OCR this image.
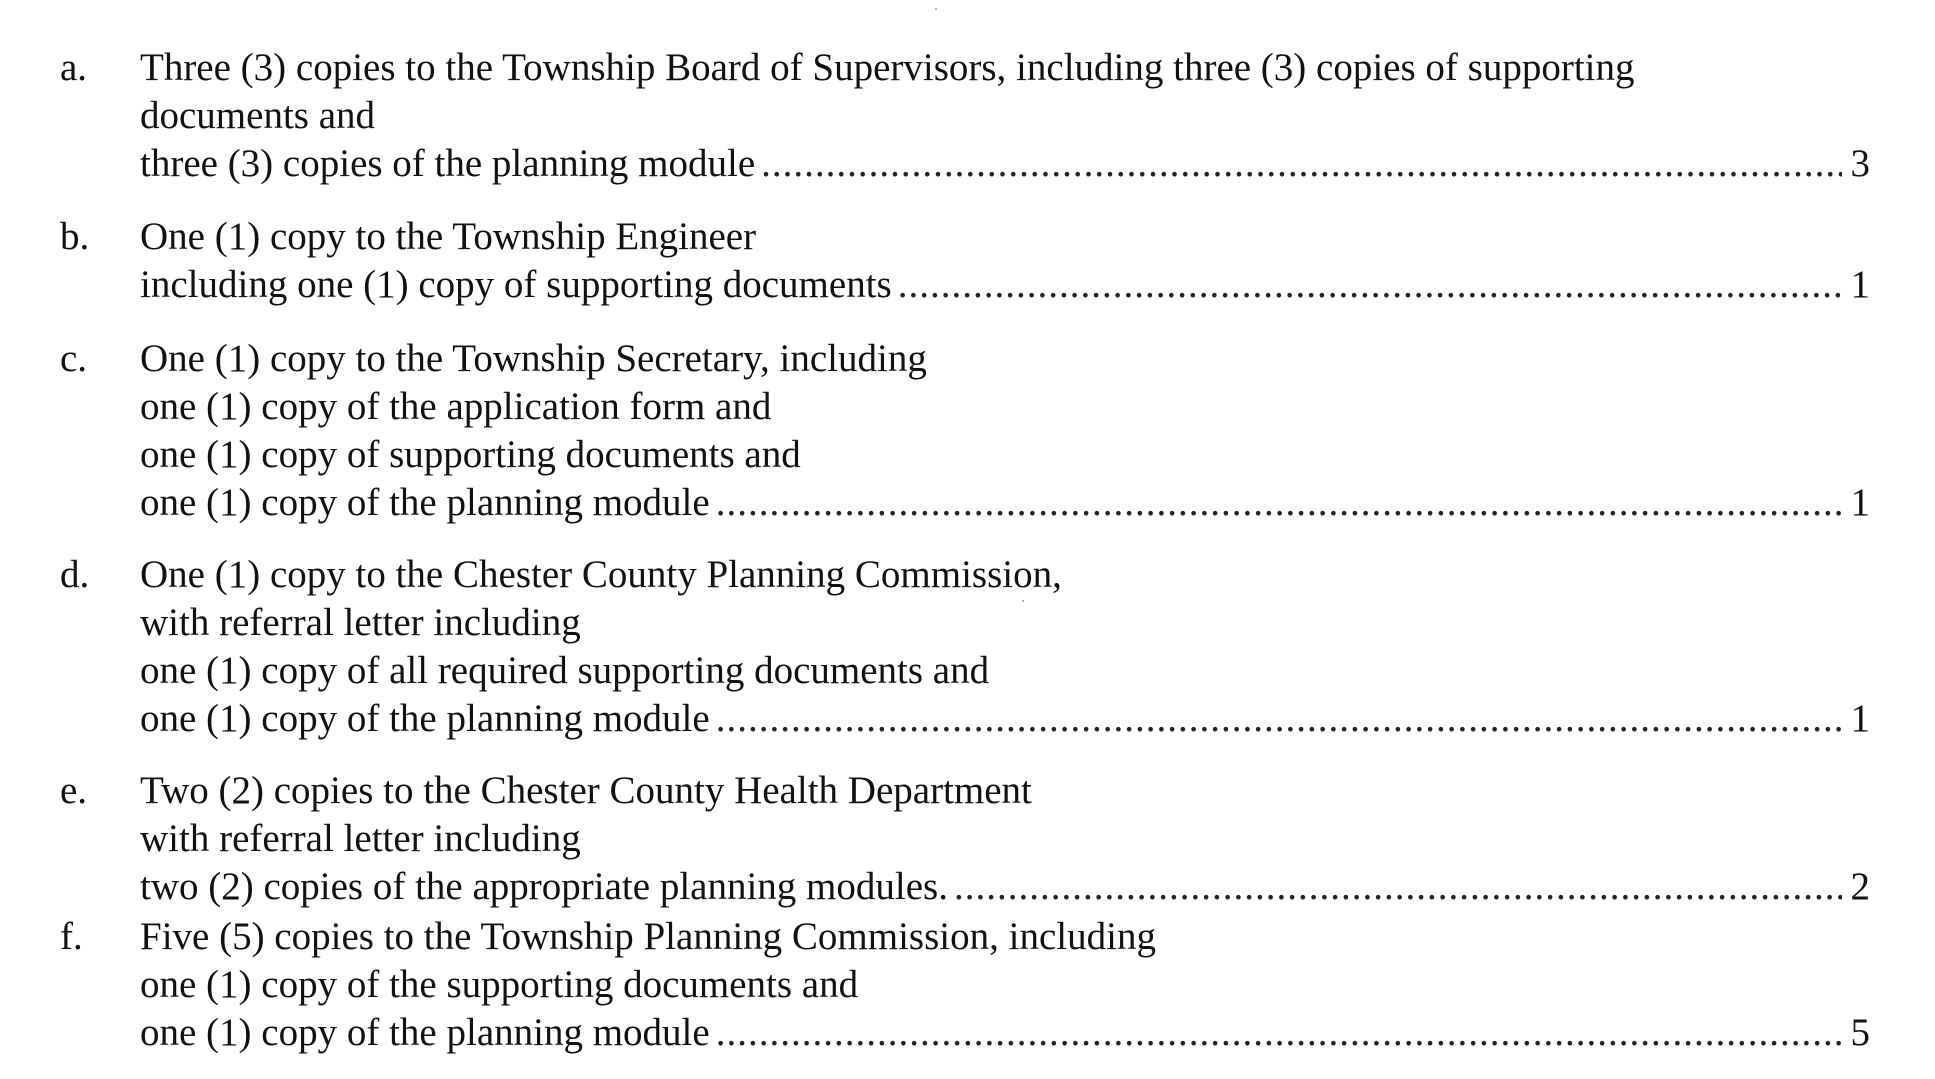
a. Three (3) copies to the Township Board of Supervisors, including three (3) copies of supporting
documents and
three (3) copies of the planning module .....	3
b. One (1) copy to the Township Engineer
including one (1) copy of supporting documents .....	1
c. One (1) copy to the Township Secretary, including
one (1) copy of the application form and
one (1) copy of supporting documents and
one (1) copy of the planning module .....	1
d. One (1) copy to the Chester County Planning Commission,
with referral letter including
one (1) copy of all required supporting documents and
one (1) copy of the planning module .....	1
e. Two (2) copies to the Chester County Health Department
with referral letter including
two (2) copies of the appropriate planning modules. .....	2
f. Five (5) copies to the Township Planning Commission, including
one (1) copy of the supporting documents and
one (1) copy of the planning module .....	5
